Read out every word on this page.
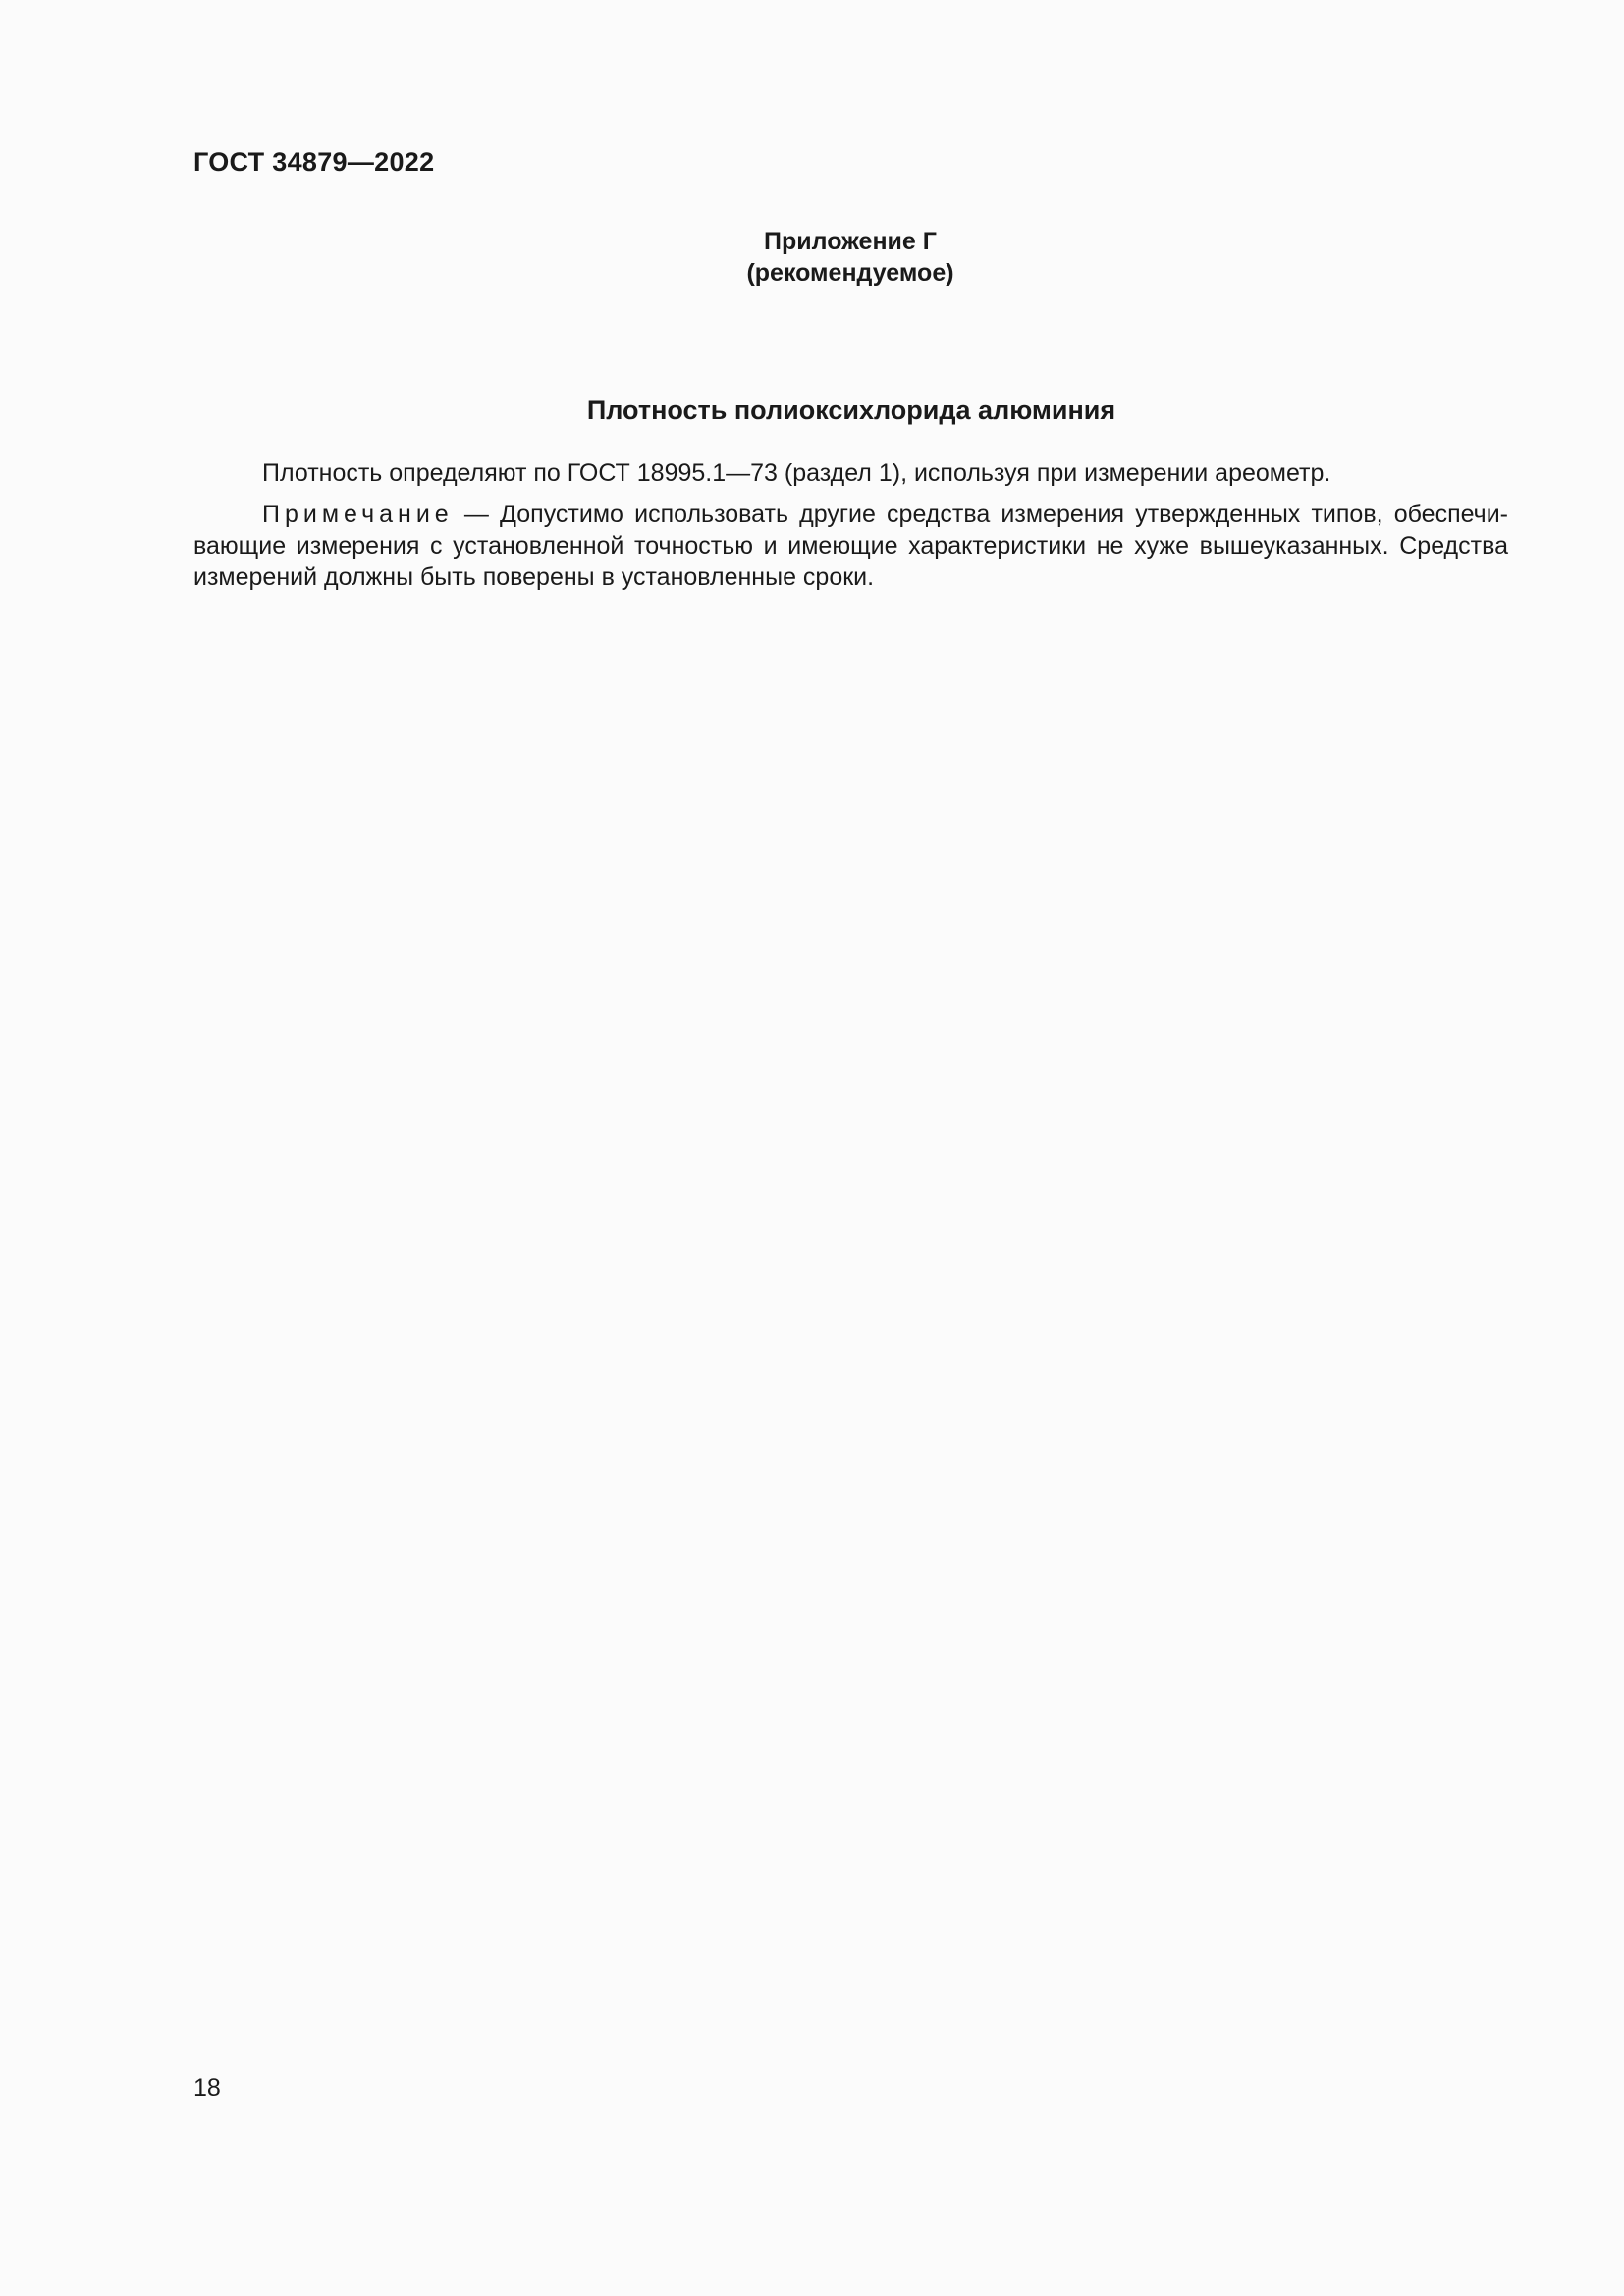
ГОСТ 34879—2022
Приложение Г
(рекомендуемое)
Плотность полиоксихлорида алюминия

Плотность определяют по ГОСТ 18995.1—73 (раздел 1), используя при измерении ареометр.

Примечание — Допустимо использовать другие средства измерения утвержденных типов, обеспечи-вающие измерения с установленной точностью и имеющие характеристики не хуже вышеуказанных. Средства измерений должны быть поверены в установленные сроки.

18
